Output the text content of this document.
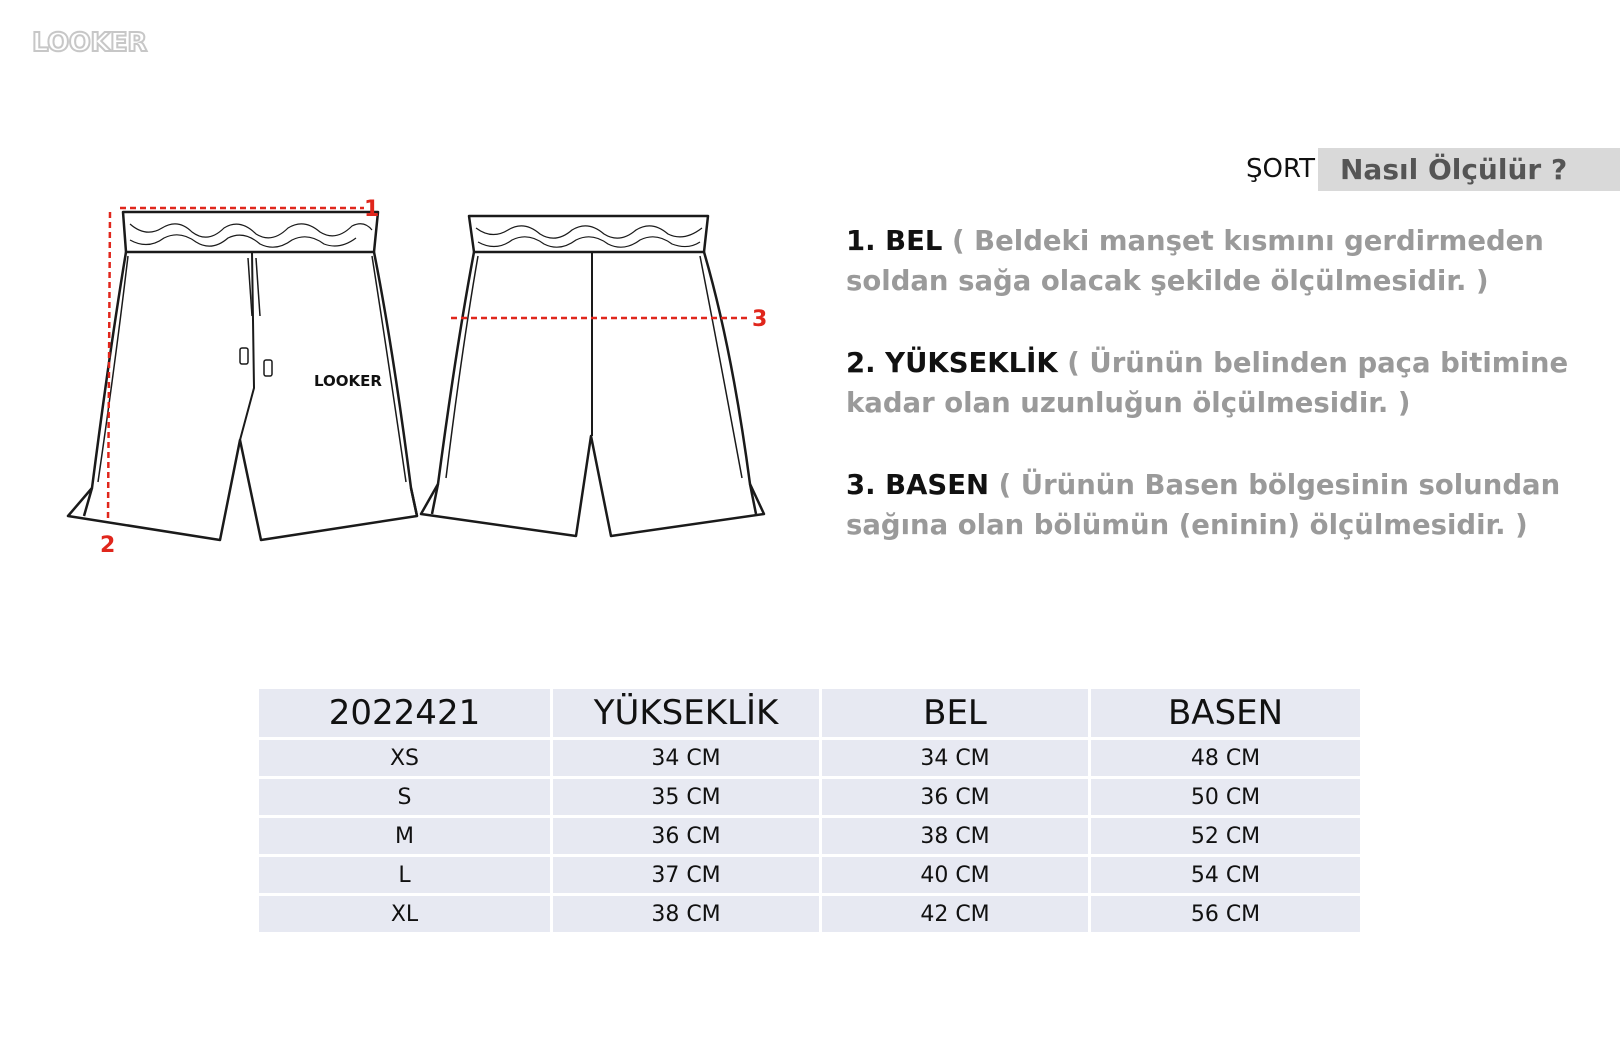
LOOKER
ŞORT Nasıl Ölçülür ?
LOOKER
1
2
3
1. BEL ( Beldeki manşet kısmını gerdirmeden soldan sağa olacak şekilde ölçülmesidir. )
2. YÜKSEKLİK ( Ürünün belinden paça bitimine kadar olan uzunluğun ölçülmesidir. )
3. BASEN ( Ürünün Basen bölgesinin solundan sağına olan bölümün (eninin) ölçülmesidir. )
2022421	YÜKSEKLİK	BEL	BASEN
XS	34 CM	34 CM	48 CM
S	35 CM	36 CM	50 CM
M	36 CM	38 CM	52 CM
L	37 CM	40 CM	54 CM
XL	38 CM	42 CM	56 CM
